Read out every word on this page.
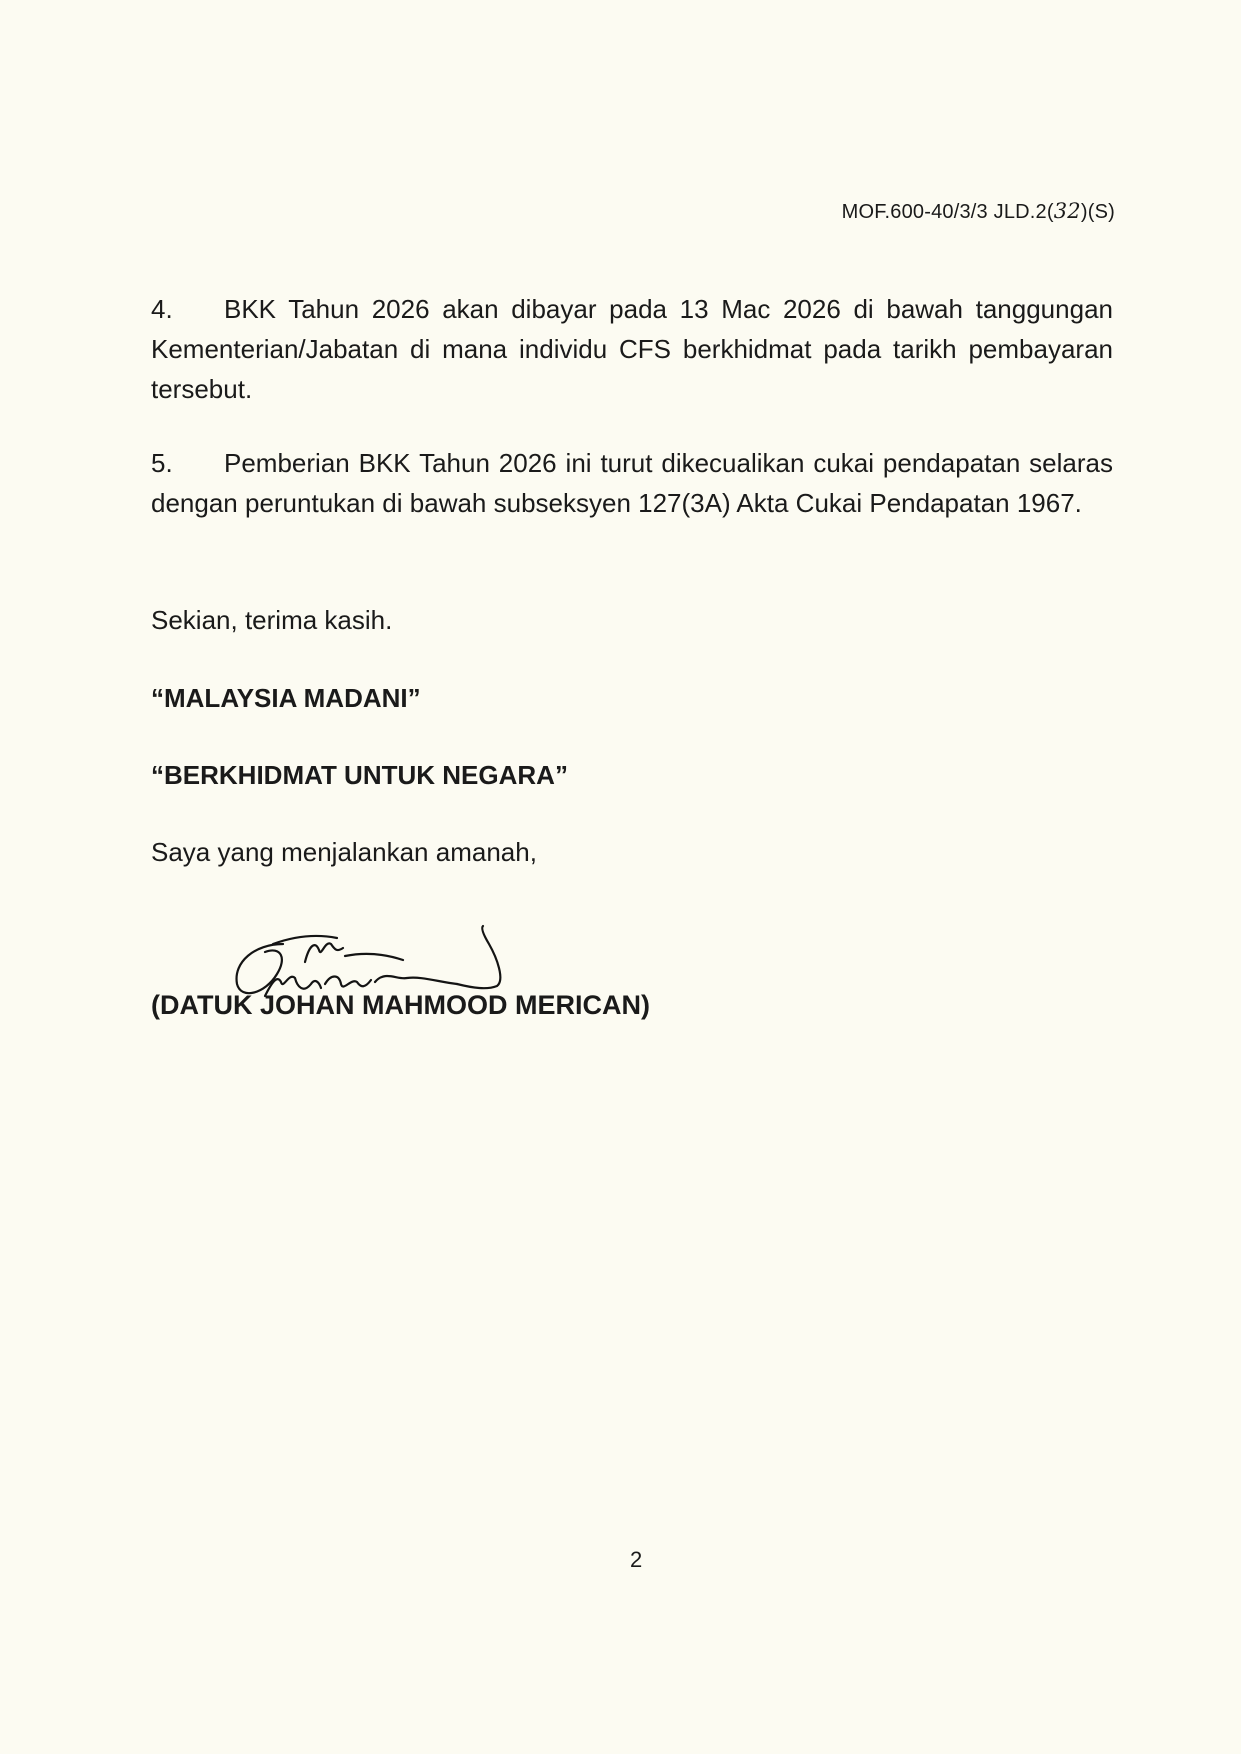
MOF.600-40/3/3 JLD.2(32)(S)

4. BKK Tahun 2026 akan dibayar pada 13 Mac 2026 di bawah tanggungan Kementerian/Jabatan di mana individu CFS berkhidmat pada tarikh pembayaran tersebut.

5. Pemberian BKK Tahun 2026 ini turut dikecualikan cukai pendapatan selaras dengan peruntukan di bawah subseksyen 127(3A) Akta Cukai Pendapatan 1967.

Sekian, terima kasih.

“MALAYSIA MADANI”

“BERKHIDMAT UNTUK NEGARA”

Saya yang menjalankan amanah,

(DATUK JOHAN MAHMOOD MERICAN)

2
